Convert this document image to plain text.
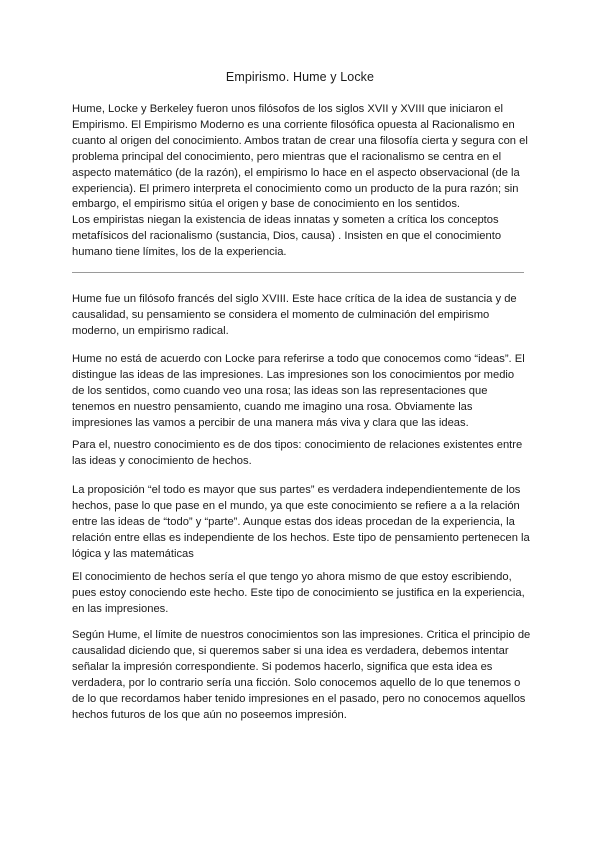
Empirismo. Hume y Locke

Hume, Locke y Berkeley fueron unos filósofos de los siglos XVII y XVIII que iniciaron el
Empirismo. El Empirismo Moderno es una corriente filosófica opuesta al Racionalismo en
cuanto al origen del conocimiento. Ambos tratan de crear una filosofía cierta y segura con el
problema principal del conocimiento, pero mientras que el racionalismo se centra en el
aspecto matemático (de la razón), el empirismo lo hace en el aspecto observacional (de la
experiencia). El primero interpreta el conocimiento como un producto de la pura razón; sin
embargo, el empirismo sitúa el origen y base de conocimiento en los sentidos.
Los empiristas niegan la existencia de ideas innatas y someten a crítica los conceptos
metafísicos del racionalismo (sustancia, Dios, causa) . Insisten en que el conocimiento
humano tiene límites, los de la experiencia.

Hume fue un filósofo francés del siglo XVIII. Este hace crítica de la idea de sustancia y de
causalidad, su pensamiento se considera el momento de culminación del empirismo
moderno, un empirismo radical.

Hume no está de acuerdo con Locke para referirse a todo que conocemos como “ideas”. El
distingue las ideas de las impresiones. Las impresiones son los conocimientos por medio
de los sentidos, como cuando veo una rosa; las ideas son las representaciones que
tenemos en nuestro pensamiento, cuando me imagino una rosa. Obviamente las
impresiones las vamos a percibir de una manera más viva y clara que las ideas.

Para el, nuestro conocimiento es de dos tipos: conocimiento de relaciones existentes entre
las ideas y conocimiento de hechos.

La proposición “el todo es mayor que sus partes” es verdadera independientemente de los
hechos, pase lo que pase en el mundo, ya que este conocimiento se refiere a a la relación
entre las ideas de “todo” y “parte”. Aunque estas dos ideas procedan de la experiencia, la
relación entre ellas es independiente de los hechos. Este tipo de pensamiento pertenecen la
lógica y las matemáticas

El conocimiento de hechos sería el que tengo yo ahora mismo de que estoy escribiendo,
pues estoy conociendo este hecho. Este tipo de conocimiento se justifica en la experiencia,
en las impresiones.

Según Hume, el límite de nuestros conocimientos son las impresiones. Critica el principio de
causalidad diciendo que, si queremos saber si una idea es verdadera, debemos intentar
señalar la impresión correspondiente. Si podemos hacerlo, significa que esta idea es
verdadera, por lo contrario sería una ficción. Solo conocemos aquello de lo que tenemos o
de lo que recordamos haber tenido impresiones en el pasado, pero no conocemos aquellos
hechos futuros de los que aún no poseemos impresión.
